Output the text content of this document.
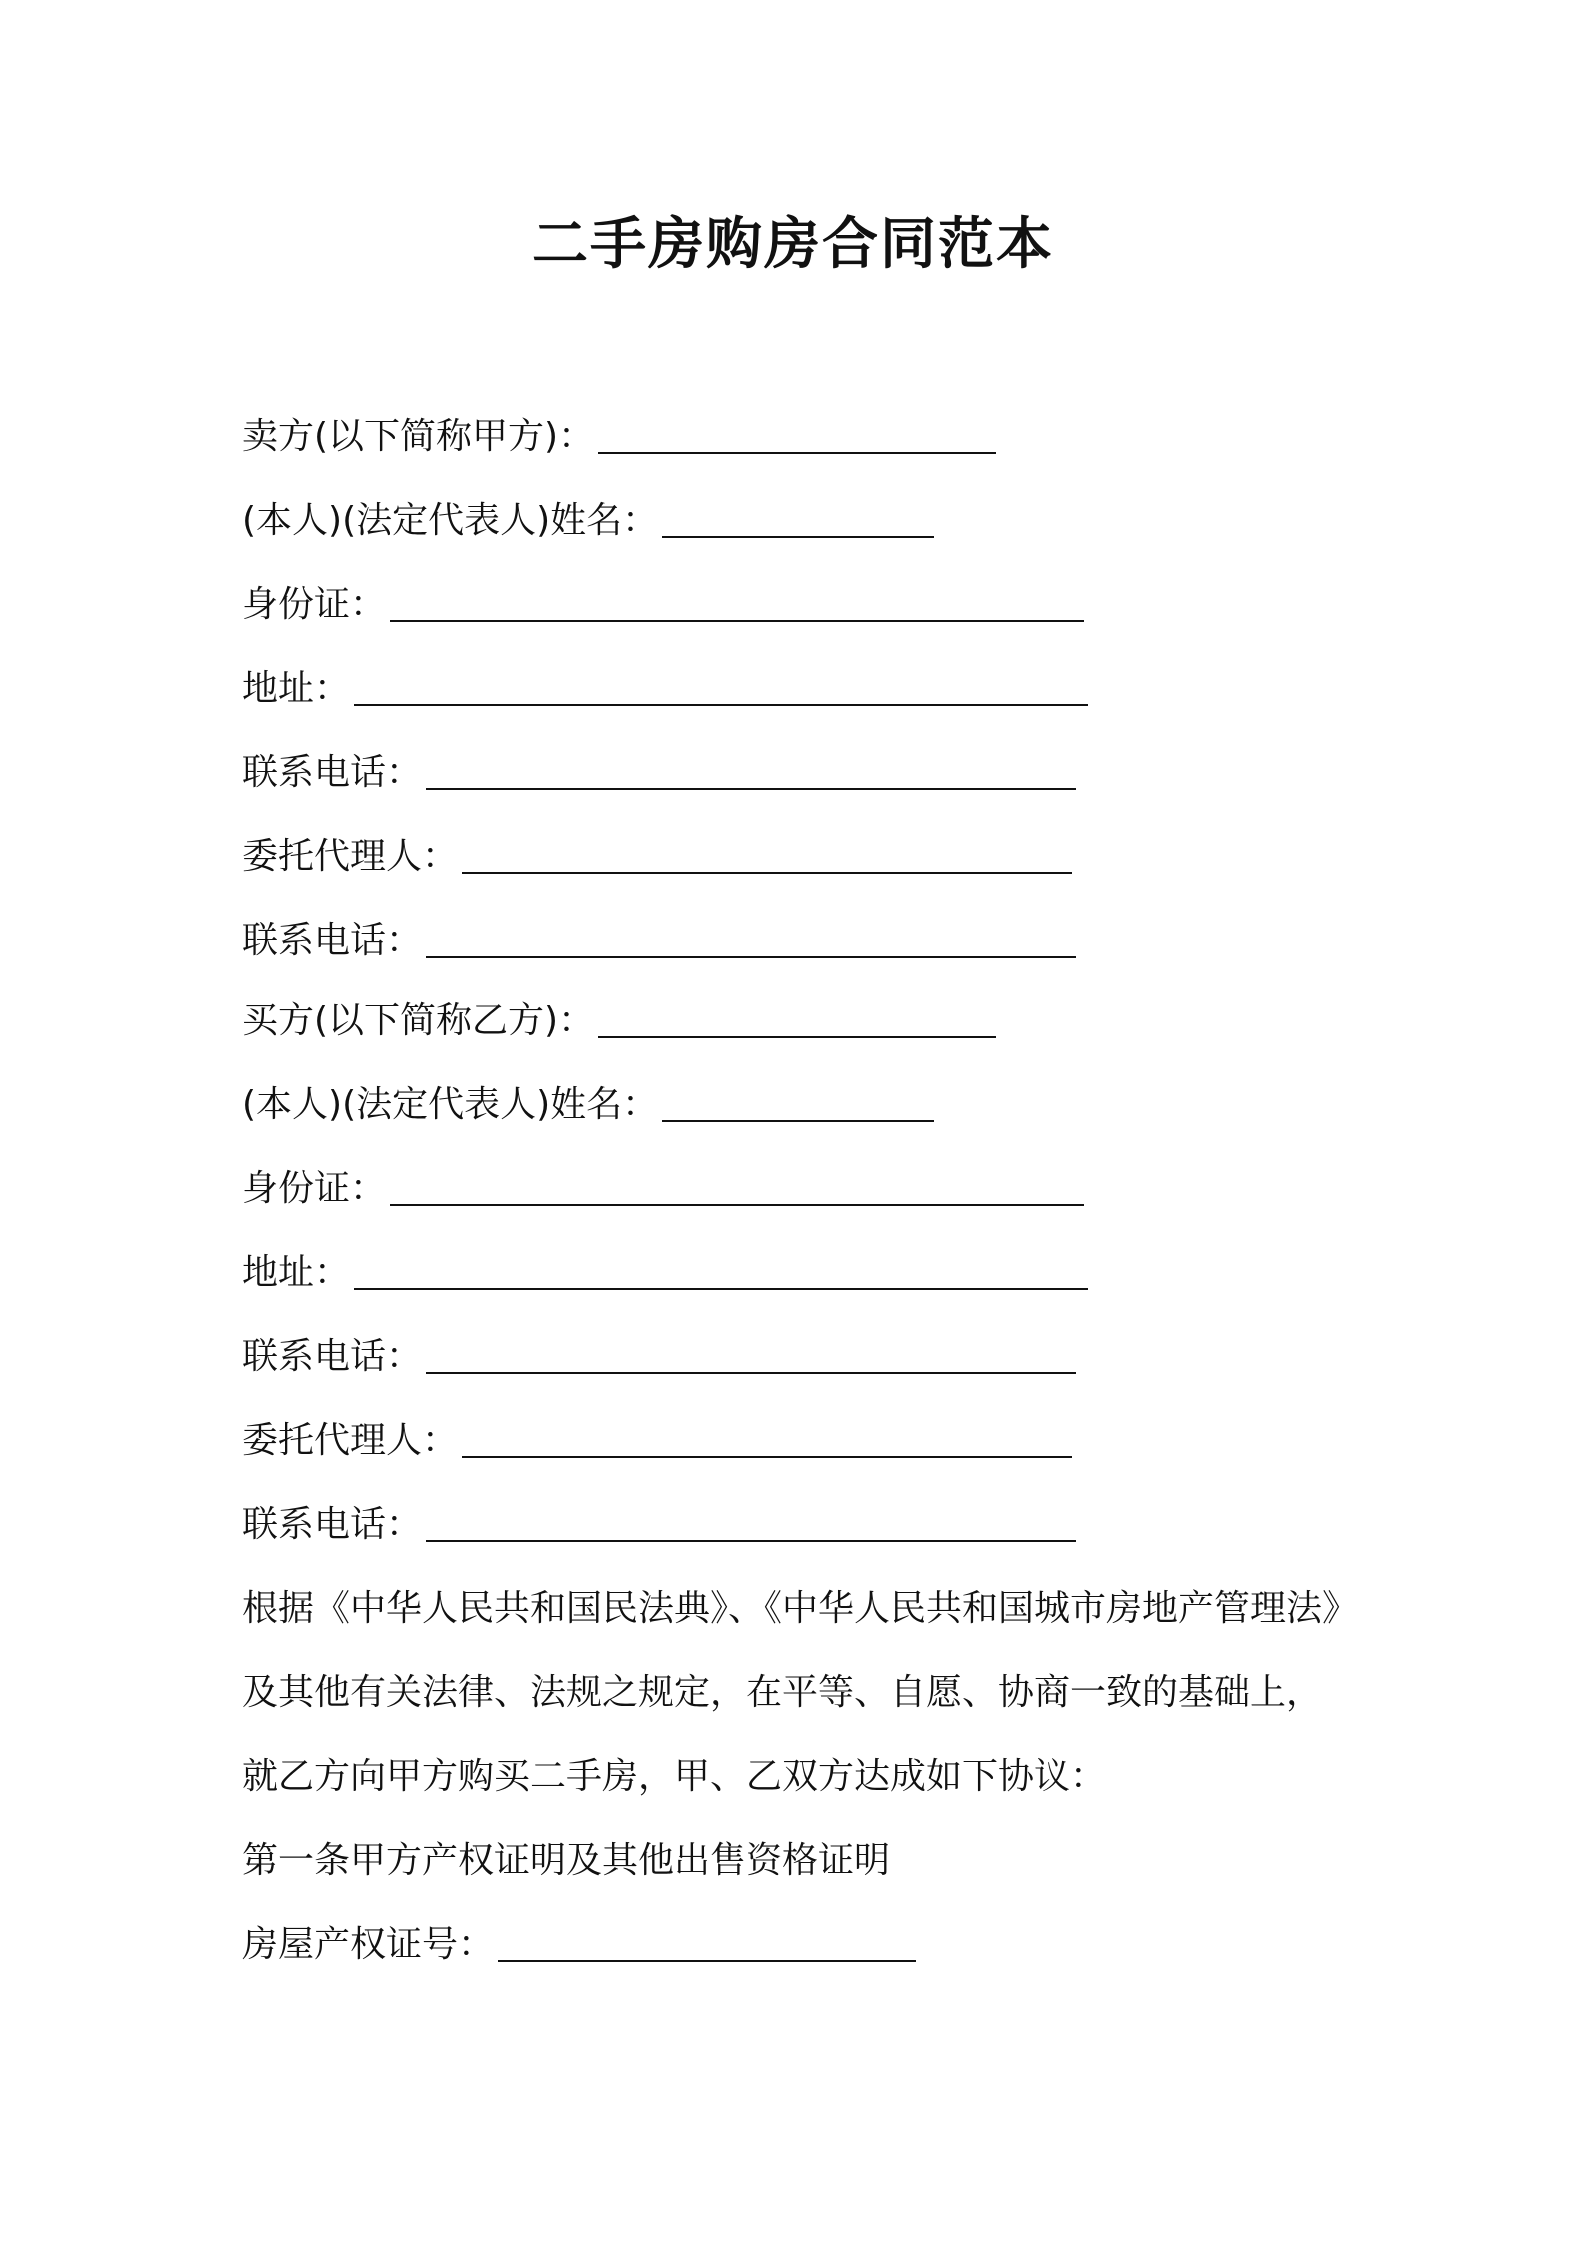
二手房购房合同范本
卖方(以下简称甲方)：
(本人)(法定代表人)姓名：
身份证：
地址：
联系电话：
委托代理人：
联系电话：
买方(以下简称乙方)：
(本人)(法定代表人)姓名：
身份证：
地址：
联系电话：
委托代理人：
联系电话：
根据《中华人民共和国民法典》、《中华人民共和国城市房地产管理法》
及其他有关法律、法规之规定，在平等、自愿、协商一致的基础上，
就乙方向甲方购买二手房，甲、乙双方达成如下协议：
第一条甲方产权证明及其他出售资格证明
房屋产权证号：
